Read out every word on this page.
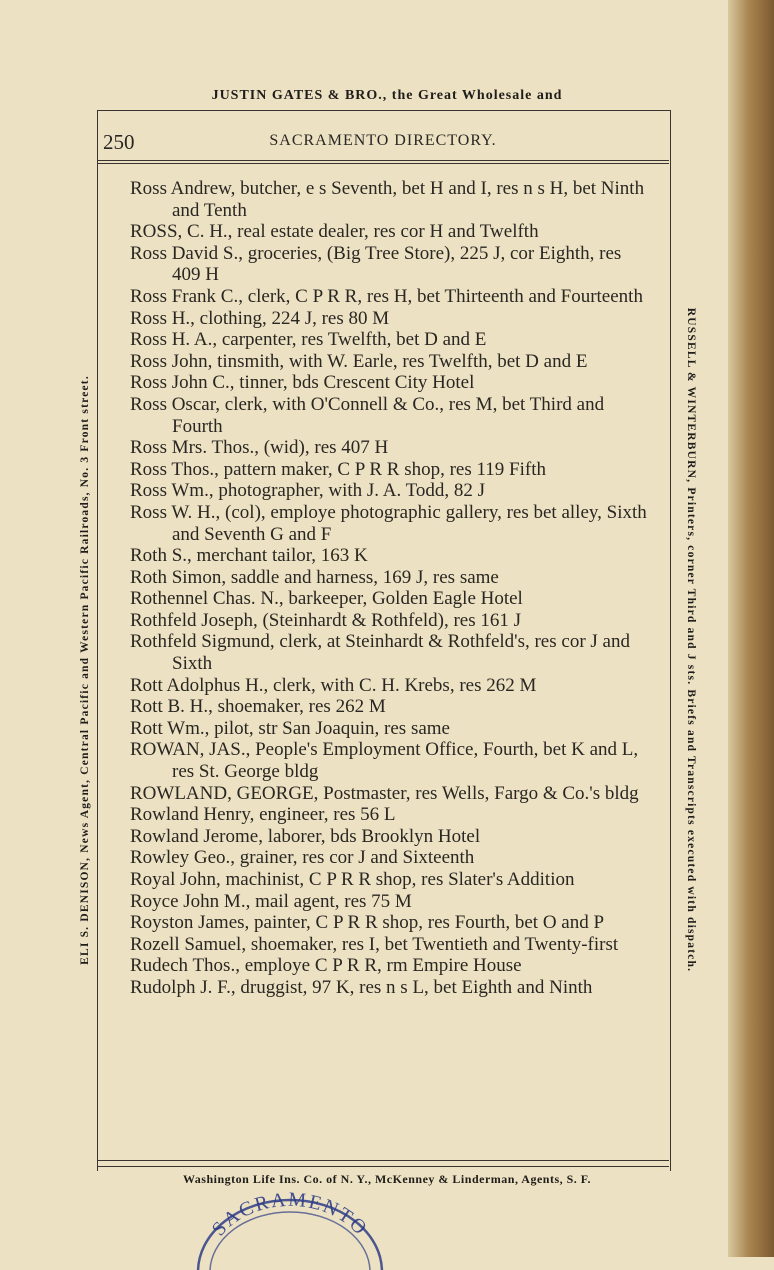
JUSTIN GATES & BRO., the Great Wholesale and
250	SACRAMENTO DIRECTORY.
Ross Andrew, butcher, e s Seventh, bet H and I, res n s H, bet Ninth and Tenth
ROSS, C. H., real estate dealer, res cor H and Twelfth
Ross David S., groceries, (Big Tree Store), 225 J, cor Eighth, res 409 H
Ross Frank C., clerk, C P R R, res H, bet Thirteenth and Fourteenth
Ross H., clothing, 224 J, res 80 M
Ross H. A., carpenter, res Twelfth, bet D and E
Ross John, tinsmith, with W. Earle, res Twelfth, bet D and E
Ross John C., tinner, bds Crescent City Hotel
Ross Oscar, clerk, with O'Connell & Co., res M, bet Third and Fourth
Ross Mrs. Thos., (wid), res 407 H
Ross Thos., pattern maker, C P R R shop, res 119 Fifth
Ross Wm., photographer, with J. A. Todd, 82 J
Ross W. H., (col), employe photographic gallery, res bet alley, Sixth and Seventh G and F
Roth S., merchant tailor, 163 K
Roth Simon, saddle and harness, 169 J, res same
Rothennel Chas. N., barkeeper, Golden Eagle Hotel
Rothfeld Joseph, (Steinhardt & Rothfeld), res 161 J
Rothfeld Sigmund, clerk, at Steinhardt & Rothfeld's, res cor J and Sixth
Rott Adolphus H., clerk, with C. H. Krebs, res 262 M
Rott B. H., shoemaker, res 262 M
Rott Wm., pilot, str San Joaquin, res same
ROWAN, JAS., People's Employment Office, Fourth, bet K and L, res St. George bldg
ROWLAND, GEORGE, Postmaster, res Wells, Fargo & Co.'s bldg
Rowland Henry, engineer, res 56 L
Rowland Jerome, laborer, bds Brooklyn Hotel
Rowley Geo., grainer, res cor J and Sixteenth
Royal John, machinist, C P R R shop, res Slater's Addition
Royce John M., mail agent, res 75 M
Royston James, painter, C P R R shop, res Fourth, bet O and P
Rozell Samuel, shoemaker, res I, bet Twentieth and Twenty-first
Rudech Thos., employe C P R R, rm Empire House
Rudolph J. F., druggist, 97 K, res n s L, bet Eighth and Ninth
ELI S. DENISON, News Agent, Central Pacific and Western Pacific Railroads, No. 3 Front street.	RUSSELL & WINTERBURN, Printers, corner Third and J sts. Briefs and Transcripts executed with dispatch.
Washington Life Ins. Co. of N. Y., McKenney & Linderman, Agents, S. F.
SACRAMENTO
